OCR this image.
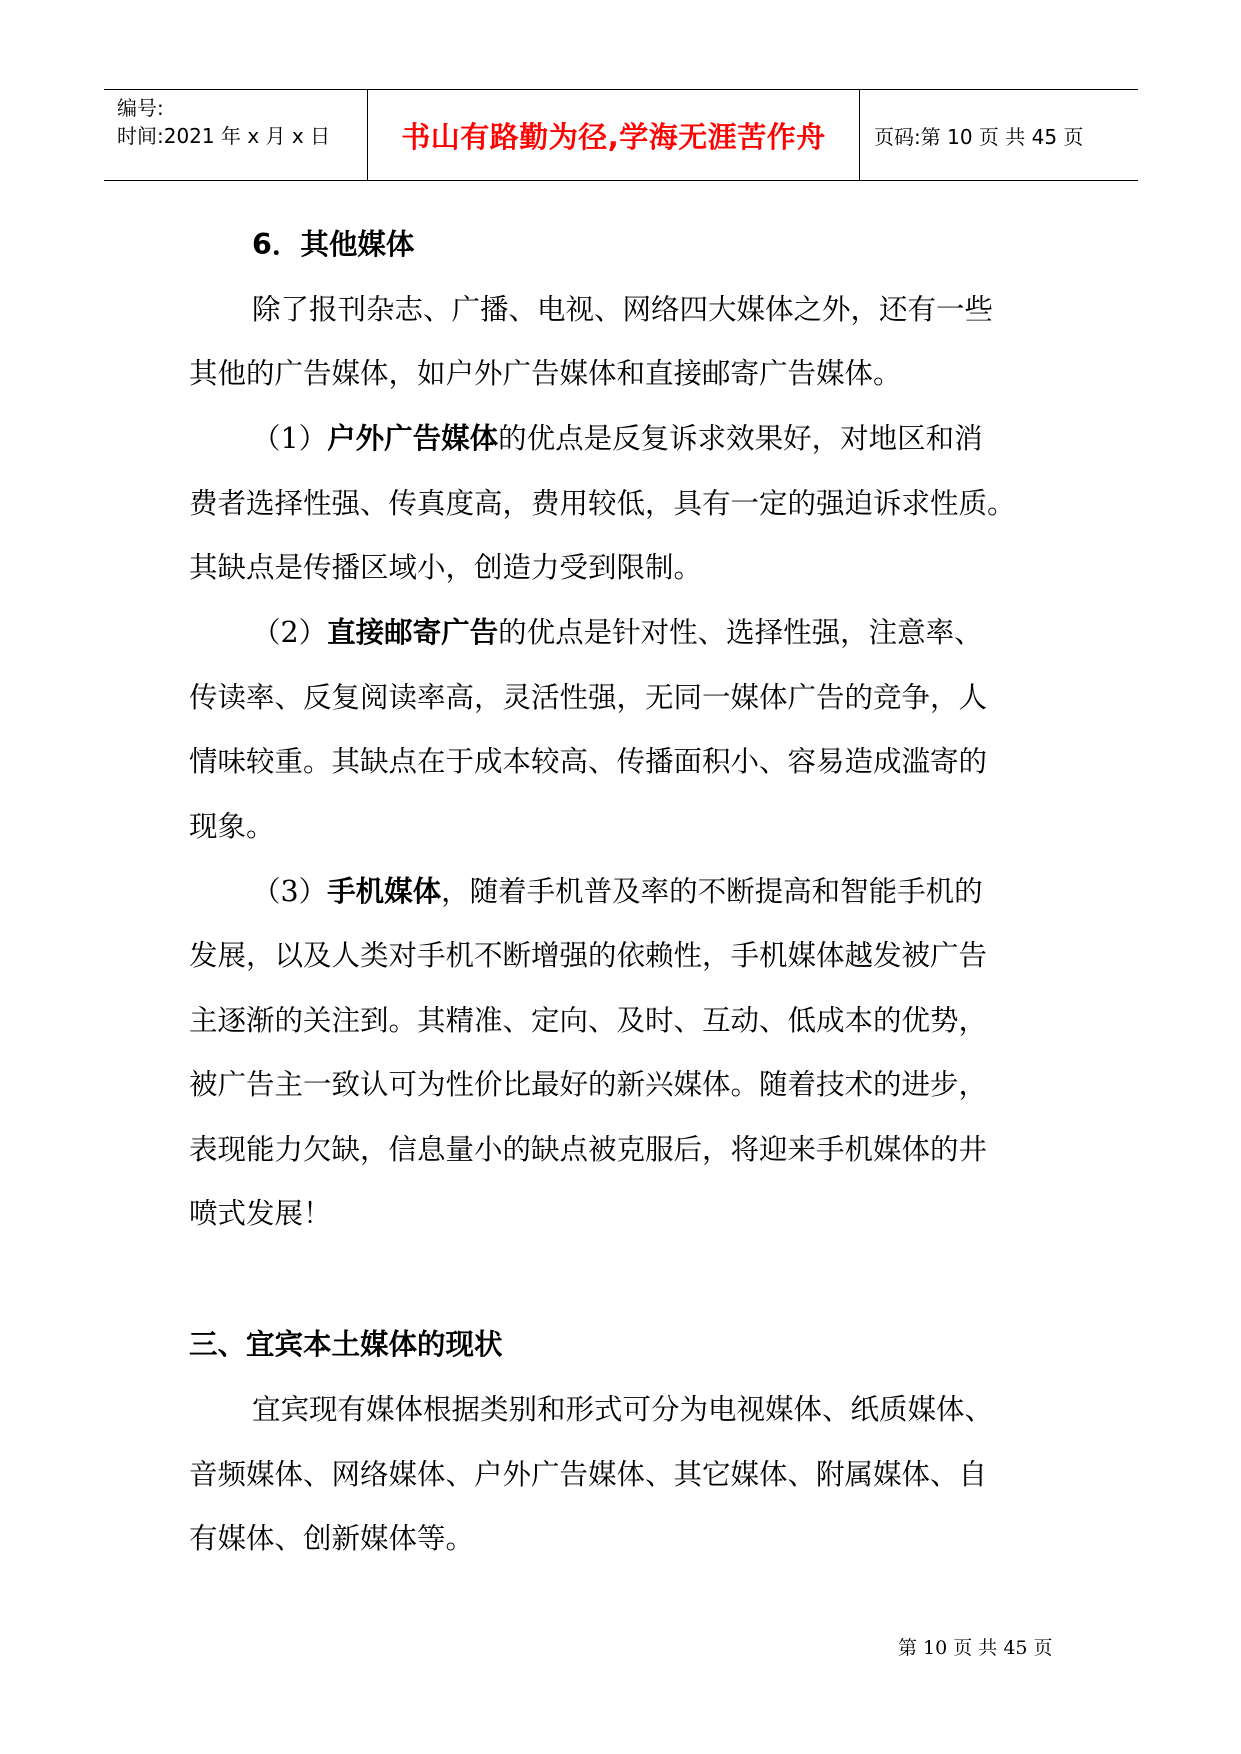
编号:
时间:2021 年 x 月 x 日	书山有路勤为径,学海无涯苦作舟	页码:第 10 页 共 45 页
6．其他媒体
除了报刊杂志、广播、电视、网络四大媒体之外，还有一些
其他的广告媒体，如户外广告媒体和直接邮寄广告媒体。
（1）户外广告媒体的优点是反复诉求效果好，对地区和消
费者选择性强、传真度高，费用较低，具有一定的强迫诉求性质。
其缺点是传播区域小，创造力受到限制。
（2）直接邮寄广告的优点是针对性、选择性强，注意率、
传读率、反复阅读率高，灵活性强，无同一媒体广告的竞争，人
情味较重。其缺点在于成本较高、传播面积小、容易造成滥寄的
现象。
（3）手机媒体，随着手机普及率的不断提高和智能手机的
发展，以及人类对手机不断增强的依赖性，手机媒体越发被广告
主逐渐的关注到。其精准、定向、及时、互动、低成本的优势，
被广告主一致认可为性价比最好的新兴媒体。随着技术的进步，
表现能力欠缺，信息量小的缺点被克服后，将迎来手机媒体的井
喷式发展！
三、宜宾本土媒体的现状
宜宾现有媒体根据类别和形式可分为电视媒体、纸质媒体、
音频媒体、网络媒体、户外广告媒体、其它媒体、附属媒体、自
有媒体、创新媒体等。
第 10 页 共 45 页
